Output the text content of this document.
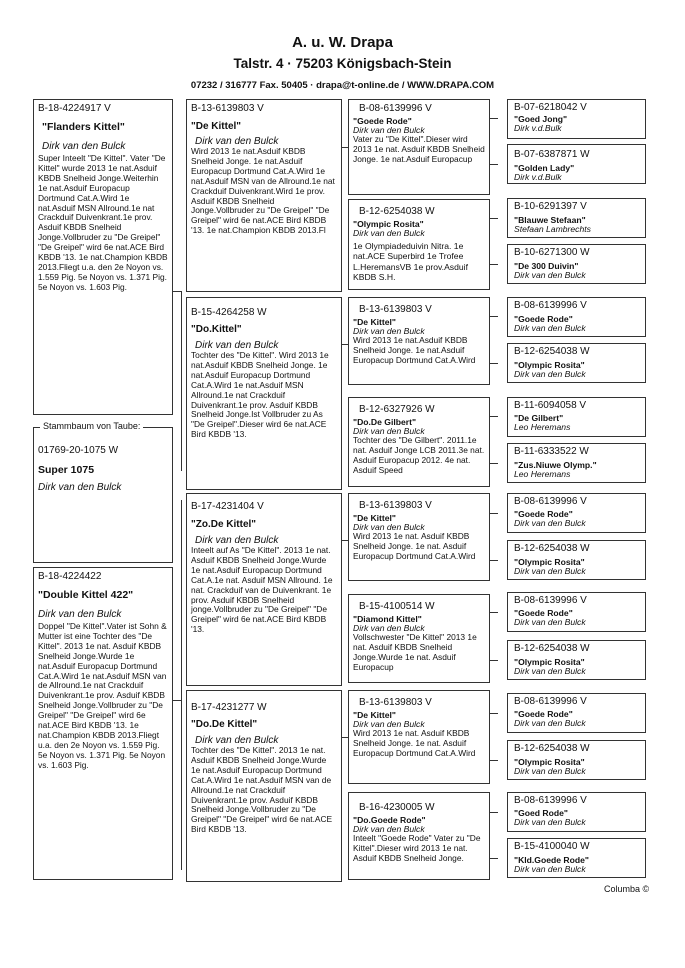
A. u. W. Drapa
Talstr. 4 · 75203 Königsbach-Stein
07232 / 316777 Fax. 50405 · drapa@t-online.de / WWW.DRAPA.COM
B-18-4224917 V
"Flanders Kittel"
Dirk van den Bulck
Super Inteelt "De Kittel". Vater "De Kittel" wurde 2013 1e nat.Asduif KBDB Snelheid Jonge.Weiterhin 1e nat.Asduif Europacup Dortmund Cat.A.Wird 1e nat.Asduif MSN Allround.1e nat Crackduif Duivenkrant.1e prov. Asduif KBDB Snelheid Jonge.Vollbruder zu "De Greipel" "De Greipel" wird 6e nat.ACE Bird KBDB '13. 1e nat.Champion KBDB 2013.Fliegt u.a. den 2e Noyon vs. 1.559 Pig. 5e Noyon vs. 1.371 Pig. 5e Noyon vs. 1.603 Pig.
01769-20-1075 W
Super 1075
Dirk van den Bulck
Stammbaum von Taube:
B-18-4224422
"Double Kittel 422"
Dirk van den Bulck
Doppel "De Kittel".Vater ist Sohn & Mutter ist eine Tochter des "De Kittel". 2013 1e nat. Asduif KBDB Snelheid Jonge.Wurde 1e nat.Asduif Europacup Dortmund Cat.A.Wird 1e nat.Asduif MSN van de Allround.1e nat Crackduif Duivenkrant.1e prov. Asduif KBDB Snelheid Jonge.Vollbruder zu "De Greipel" "De Greipel" wird 6e nat.ACE Bird KBDB '13. 1e nat.Champion KBDB 2013.Fliegt u.a. den 2e Noyon vs. 1.559 Pig. 5e Noyon vs. 1.371 Pig. 5e Noyon vs. 1.603 Pig.
B-13-6139803 V
"De Kittel"
Dirk van den Bulck
Wird 2013 1e nat.Asduif KBDB Snelheid Jonge. 1e nat.Asduif Europacup Dortmund Cat.A.Wird 1e nat.Asduif MSN van de Allround.1e nat Crackduif Duivenkrant.Wird 1e prov. Asduif KBDB Snelheid Jonge.Vollbruder zu "De Greipel" "De Greipel" wird 6e nat.ACE Bird KBDB '13. 1e nat.Champion KBDB 2013.Fl
B-15-4264258 W
"Do.Kittel"
Dirk van den Bulck
Tochter des "De Kittel". Wird 2013 1e nat.Asduif KBDB Snelheid Jonge. 1e nat.Asduif Europacup Dortmund Cat.A.Wird 1e nat.Asduif MSN Allround.1e nat Crackduif Duivenkrant.1e prov. Asduif KBDB Snelheid Jonge.Ist Vollbruder zu As "De Greipel".Dieser wird 6e nat.ACE Bird KBDB '13.
B-17-4231404 V
"Zo.De Kittel"
Dirk van den Bulck
Inteelt auf As "De Kittel". 2013 1e nat. Asduif KBDB Snelheid Jonge.Wurde 1e nat.Asduif Europacup Dortmund Cat.A.1e nat. Asduif MSN Allround. 1e nat. Crackduif van de Duivenkrant. 1e prov. Asduif KBDB Snelheid jonge.Vollbruder zu "De Greipel" "De Greipel" wird 6e nat.ACE Bird KBDB '13.
B-17-4231277 W
"Do.De Kittel"
Dirk van den Bulck
Tochter des "De Kittel". 2013 1e nat. Asduif KBDB Snelheid Jonge.Wurde 1e nat.Asduif Europacup Dortmund Cat.A.Wird 1e nat.Asduif MSN van de Allround.1e nat Crackduif Duivenkrant.1e prov. Asduif KBDB Snelheid Jonge.Vollbruder zu "De Greipel" "De Greipel" wird 6e nat.ACE Bird KBDB '13.
B-08-6139996 V
"Goede Rode"
Dirk van den Bulck
Vater zu "De Kittel".Dieser wird 2013 1e nat. Asduif KBDB Snelheid Jonge. 1e nat.Asduif Europacup
B-12-6254038 W
"Olympic Rosita"
Dirk van den Bulck
1e Olympiadeduivin Nitra. 1e nat.ACE Superbird 1e Trofee L.HeremansVB 1e prov.Asduif KBDB S.H.
B-13-6139803 V
"De Kittel"
Dirk van den Bulck
Wird 2013 1e nat.Asduif KBDB Snelheid Jonge. 1e nat.Asduif Europacup Dortmund Cat.A.Wird
B-12-6327926 W
"Do.De Gilbert"
Dirk van den Bulck
Tochter des "De Gilbert". 2011.1e nat. Asduif Jonge LCB 2011.3e nat. Asduif Europacup 2012. 4e nat. Asduif Speed
B-13-6139803 V
"De Kittel"
Dirk van den Bulck
Wird 2013 1e nat. Asduif KBDB Snelheid Jonge. 1e nat. Asduif Europacup Dortmund Cat.A.Wird
B-15-4100514 W
"Diamond Kittel"
Dirk van den Bulck
Vollschwester "De Kittel" 2013 1e nat. Asduif KBDB Snelheid Jonge.Wurde 1e nat. Asduif Europacup
B-13-6139803 V
"De Kittel"
Dirk van den Bulck
Wird 2013 1e nat. Asduif KBDB Snelheid Jonge. 1e nat. Asduif Europacup Dortmund Cat.A.Wird
B-16-4230005 W
"Do.Goede Rode"
Dirk van den Bulck
Inteelt "Goede Rode" Vater zu "De Kittel".Dieser wird 2013 1e nat. Asduif KBDB Snelheid Jonge.
B-07-6218042 V
"Goed Jong"
Dirk v.d.Bulk
B-07-6387871 W
"Golden Lady"
Dirk v.d.Bulk
B-10-6291397 V
"Blauwe Stefaan"
Stefaan Lambrechts
B-10-6271300 W
"De 300 Duivin"
Dirk van den Bulck
B-08-6139996 V
"Goede Rode"
Dirk van den Bulck
B-12-6254038 W
"Olympic Rosita"
Dirk van den Bulck
B-11-6094058 V
"De Gilbert"
Leo Heremans
B-11-6333522 W
"Zus.Niuwe Olymp."
Leo Heremans
B-08-6139996 V
"Goede Rode"
Dirk van den Bulck
B-12-6254038 W
"Olympic Rosita"
Dirk van den Bulck
B-08-6139996 V
"Goede Rode"
Dirk van den Bulck
B-12-6254038 W
"Olympic Rosita"
Dirk van den Bulck
B-08-6139996 V
"Goede Rode"
Dirk van den Bulck
B-12-6254038 W
"Olympic Rosita"
Dirk van den Bulck
B-08-6139996 V
"Goed Rode"
Dirk van den Bulck
B-15-4100040 W
"Kld.Goede Rode"
Dirk van den Bulck
Columba ©
